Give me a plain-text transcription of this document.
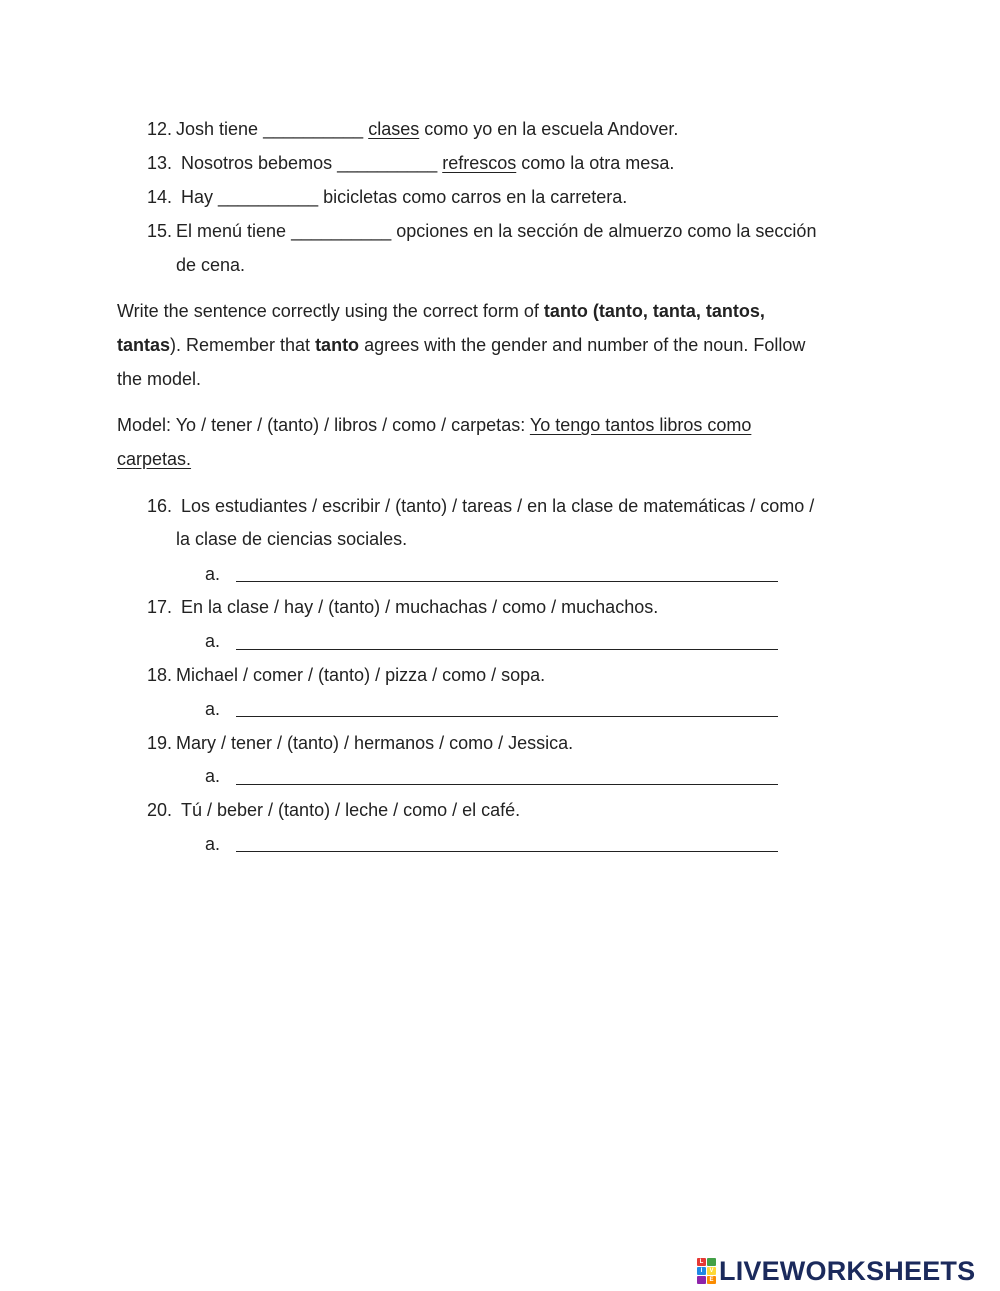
12. Josh tiene __________ clases como yo en la escuela Andover.
13. Nosotros bebemos __________ refrescos como la otra mesa.
14. Hay __________ bicicletas como carros en la carretera.
15. El menú tiene __________ opciones en la sección de almuerzo como la sección
de cena.
Write the sentence correctly using the correct form of tanto (tanto, tanta, tantos,
tantas). Remember that tanto agrees with the gender and number of the noun. Follow
the model.
Model: Yo / tener / (tanto) / libros / como / carpetas: Yo tengo tantos libros como
carpetas.
16. Los estudiantes / escribir / (tanto) / tareas / en la clase de matemáticas / como /
la clase de ciencias sociales.
a.
17. En la clase / hay / (tanto) / muchachas / como / muchachos.
a.
18. Michael / comer / (tanto) / pizza / como / sopa.
a.
19. Mary / tener / (tanto) / hermanos / como / Jessica.
a.
20. Tú / beber / (tanto) / leche / como / el café.
a.
L
I	V
E LIVEWORKSHEETS
